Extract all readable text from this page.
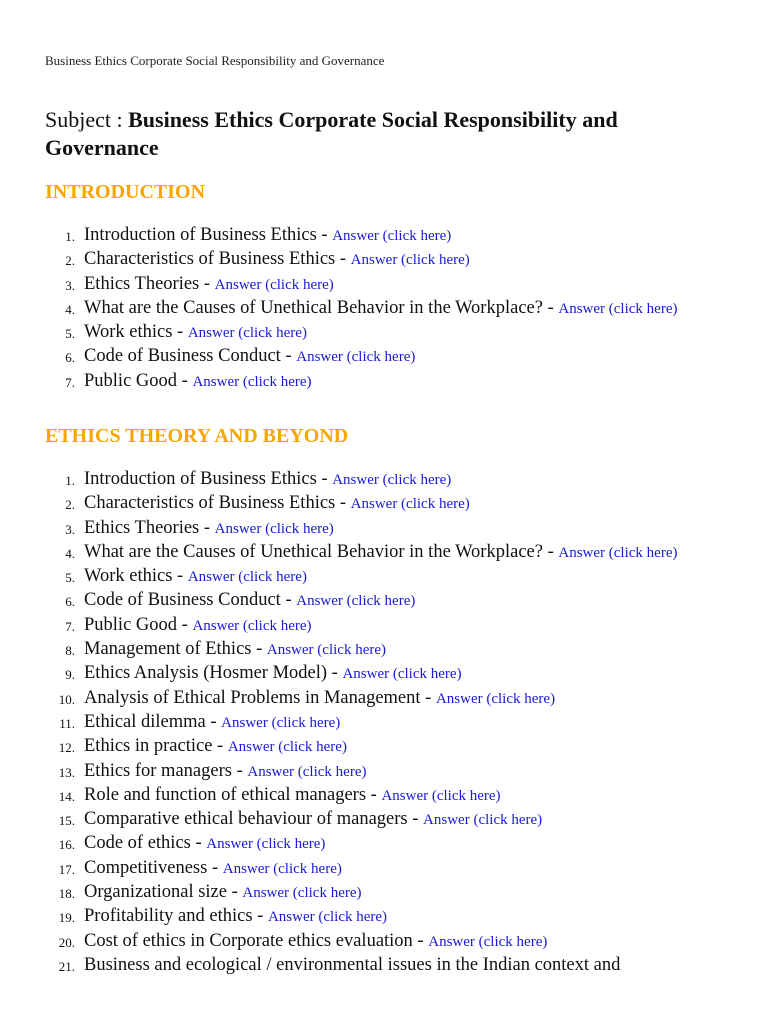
Business Ethics Corporate Social Responsibility and Governance
Subject : Business Ethics Corporate Social Responsibility and Governance
INTRODUCTION
1. Introduction of Business Ethics - Answer (click here)
2. Characteristics of Business Ethics - Answer (click here)
3. Ethics Theories - Answer (click here)
4. What are the Causes of Unethical Behavior in the Workplace? - Answer (click here)
5. Work ethics - Answer (click here)
6. Code of Business Conduct - Answer (click here)
7. Public Good - Answer (click here)
ETHICS THEORY AND BEYOND
1. Introduction of Business Ethics - Answer (click here)
2. Characteristics of Business Ethics - Answer (click here)
3. Ethics Theories - Answer (click here)
4. What are the Causes of Unethical Behavior in the Workplace? - Answer (click here)
5. Work ethics - Answer (click here)
6. Code of Business Conduct - Answer (click here)
7. Public Good - Answer (click here)
8. Management of Ethics - Answer (click here)
9. Ethics Analysis (Hosmer Model) - Answer (click here)
10. Analysis of Ethical Problems in Management - Answer (click here)
11. Ethical dilemma - Answer (click here)
12. Ethics in practice - Answer (click here)
13. Ethics for managers - Answer (click here)
14. Role and function of ethical managers - Answer (click here)
15. Comparative ethical behaviour of managers - Answer (click here)
16. Code of ethics - Answer (click here)
17. Competitiveness - Answer (click here)
18. Organizational size - Answer (click here)
19. Profitability and ethics - Answer (click here)
20. Cost of ethics in Corporate ethics evaluation - Answer (click here)
21. Business and ecological / environmental issues in the Indian context and
